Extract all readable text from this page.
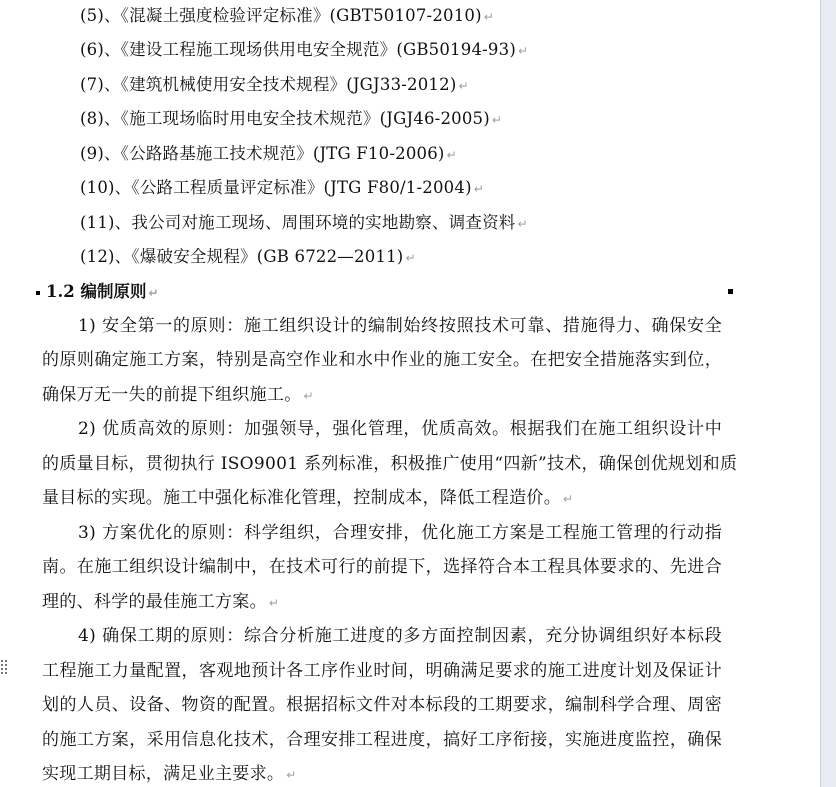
(5)、《混凝土强度检验评定标准》(GBT50107-2010) ↵
(6)、《建设工程施工现场供用电安全规范》(GB50194-93) ↵
(7)、《建筑机械使用安全技术规程》(JGJ33-2012) ↵
(8)、《施工现场临时用电安全技术规范》(JGJ46-2005) ↵
(9)、《公路路基施工技术规范》(JTG F10-2006) ↵
(10)、《公路工程质量评定标准》(JTG F80/1-2004) ↵
(11)、我公司对施工现场、周围环境的实地勘察、调查资料 ↵
(12)、《爆破安全规程》(GB 6722—2011) ↵
1.2 编制原则 ↵
1) 安全第一的原则：施工组织设计的编制始终按照技术可靠、措施得力、确保安全
的原则确定施工方案，特别是高空作业和水中作业的施工安全。在把安全措施落实到位，
确保万无一失的前提下组织施工。 ↵
2) 优质高效的原则：加强领导，强化管理，优质高效。根据我们在施工组织设计中
的质量目标，贯彻执行 ISO9001 系列标准，积极推广使用“四新”技术，确保创优规划和质
量目标的实现。施工中强化标准化管理，控制成本，降低工程造价。 ↵
3) 方案优化的原则：科学组织，合理安排，优化施工方案是工程施工管理的行动指
南。在施工组织设计编制中，在技术可行的前提下，选择符合本工程具体要求的、先进合
理的、科学的最佳施工方案。 ↵
4) 确保工期的原则：综合分析施工进度的多方面控制因素，充分协调组织好本标段
工程施工力量配置，客观地预计各工序作业时间，明确满足要求的施工进度计划及保证计
划的人员、设备、物资的配置。根据招标文件对本标段的工期要求，编制科学合理、周密
的施工方案，采用信息化技术，合理安排工程进度，搞好工序衔接，实施进度监控，确保
实现工期目标，满足业主要求。 ↵
